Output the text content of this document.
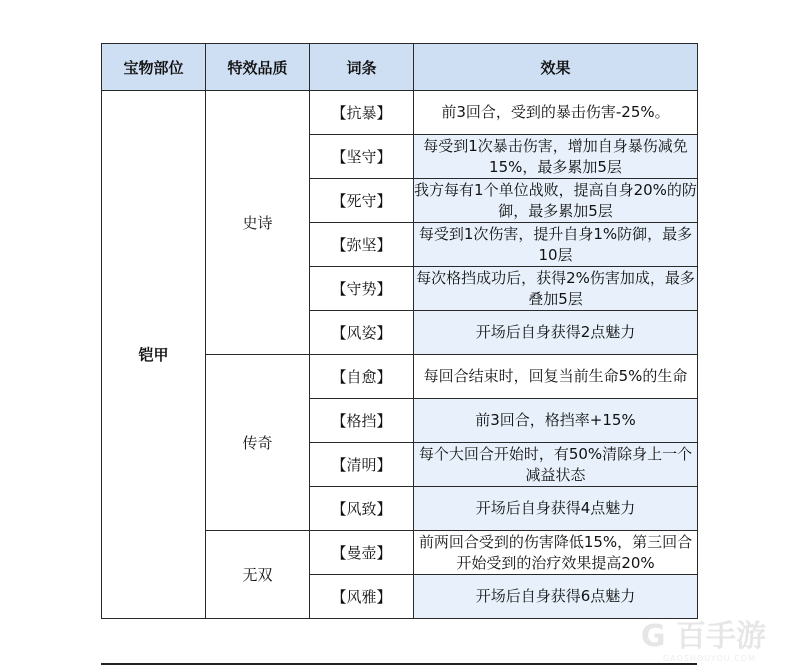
宝物部位	特效品质	词条	效果
铠甲	史诗	【抗暴】	前3回合，受到的暴击伤害-25%。
		【坚守】	每受到1次暴击伤害，增加自身暴伤减免15%，最多累加5层
		【死守】	我方每有1个单位战败，提高自身20%的防御，最多累加5层
		【弥坚】	每受到1次伤害，提升自身1%防御，最多10层
		【守势】	每次格挡成功后，获得2%伤害加成，最多叠加5层
		【风姿】	开场后自身获得2点魅力
	传奇	【自愈】	每回合结束时，回复当前生命5%的生命
		【格挡】	前3回合，格挡率+15%
		【清明】	每个大回合开始时，有50%清除身上一个减益状态
		【风致】	开场后自身获得4点魅力
	无双	【曼壶】	前两回合受到的伤害降低15%，第三回合开始受到的治疗效果提高20%
		【风雅】	开场后自身获得6点魅力
G 百手游
GAOSHOUYOU.COM
